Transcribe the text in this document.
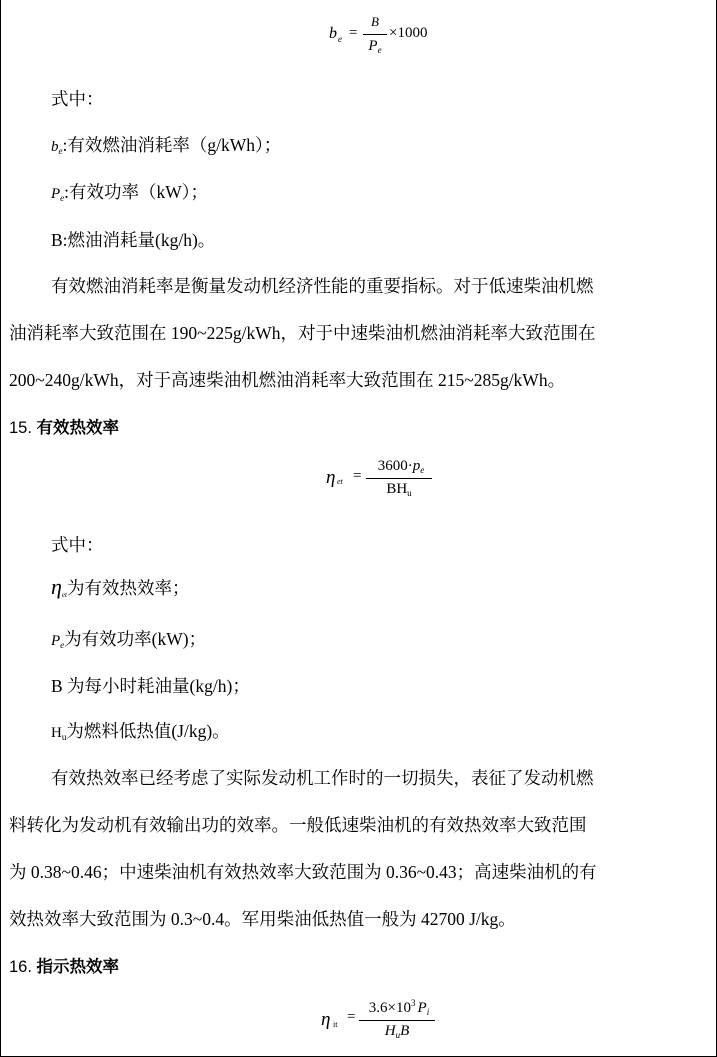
b e =
B
$P_e$
×1000
式中：
$b_e$:有效燃油消耗率（g/kWh）；
$P_e$:有效功率（kW）；
B:燃油消耗量(kg/h)。
有效燃油消耗率是衡量发动机经济性能的重要指标。对于低速柴油机燃
油消耗率大致范围在 190~225g/kWh，对于中速柴油机燃油消耗率大致范围在
200~240g/kWh，对于高速柴油机燃油消耗率大致范围在 215~285g/kWh。
15. 有效热效率
η et =
$3600\cdot p_e$
$BH_u$
式中：
$\eta_{et}$为有效热效率；
$P_e$为有效功率(kW)；
B 为每小时耗油量(kg/h)；
$H_u$为燃料低热值(J/kg)。
有效热效率已经考虑了实际发动机工作时的一切损失，表征了发动机燃
料转化为发动机有效输出功的效率。一般低速柴油机的有效热效率大致范围
为 0.38~0.46；中速柴油机有效热效率大致范围为 0.36~0.43；高速柴油机的有
效热效率大致范围为 0.3~0.4。军用柴油低热值一般为 42700 J/kg。
16. 指示热效率
η it =
$3.6\times 10^3$ $P_i$
$H_uB$
